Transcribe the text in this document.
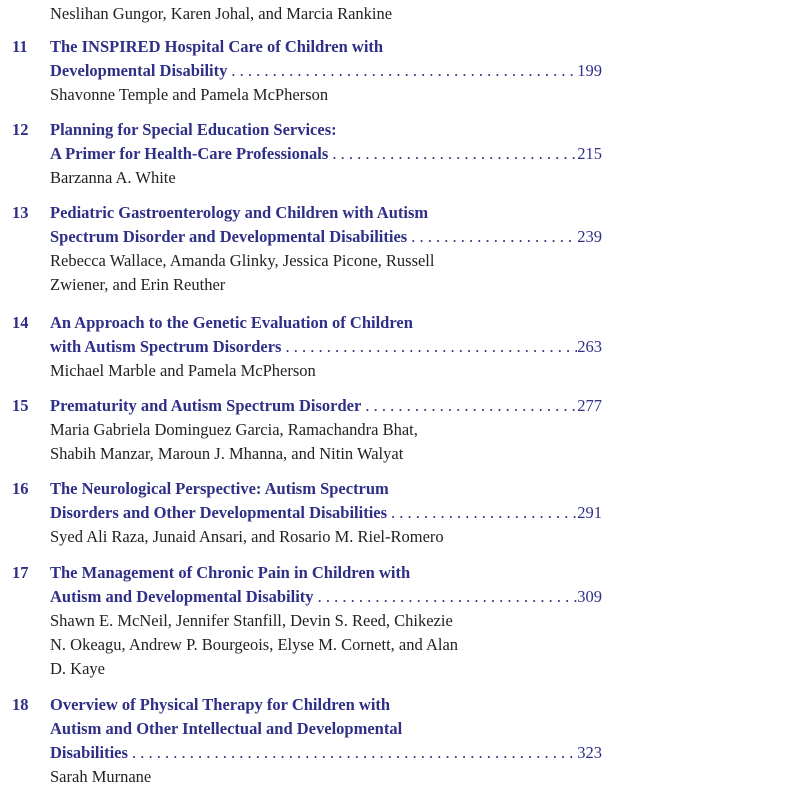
Neslihan Gungor, Karen Johal, and Marcia Rankine
11	The INSPIRED Hospital Care of Children with
Developmental Disability . . .	199
Shavonne Temple and Pamela McPherson
12	Planning for Special Education Services:
A Primer for Health-Care Professionals . . .	215
Barzanna A. White
13	Pediatric Gastroenterology and Children with Autism
Spectrum Disorder and Developmental Disabilities . . .	239
Rebecca Wallace, Amanda Glinky, Jessica Picone, Russell
Zwiener, and Erin Reuther
14	An Approach to the Genetic Evaluation of Children
with Autism Spectrum Disorders . . .	263
Michael Marble and Pamela McPherson
15	Prematurity and Autism Spectrum Disorder . . .	277
Maria Gabriela Dominguez Garcia, Ramachandra Bhat,
Shabih Manzar, Maroun J. Mhanna, and Nitin Walyat
16	The Neurological Perspective: Autism Spectrum
Disorders and Other Developmental Disabilities . . .	291
Syed Ali Raza, Junaid Ansari, and Rosario M. Riel-Romero
17	The Management of Chronic Pain in Children with
Autism and Developmental Disability . . .	309
Shawn E. McNeil, Jennifer Stanfill, Devin S. Reed, Chikezie
N. Okeagu, Andrew P. Bourgeois, Elyse M. Cornett, and Alan
D. Kaye
18	Overview of Physical Therapy for Children with
Autism and Other Intellectual and Developmental
Disabilities . . .	323
Sarah Murnane
